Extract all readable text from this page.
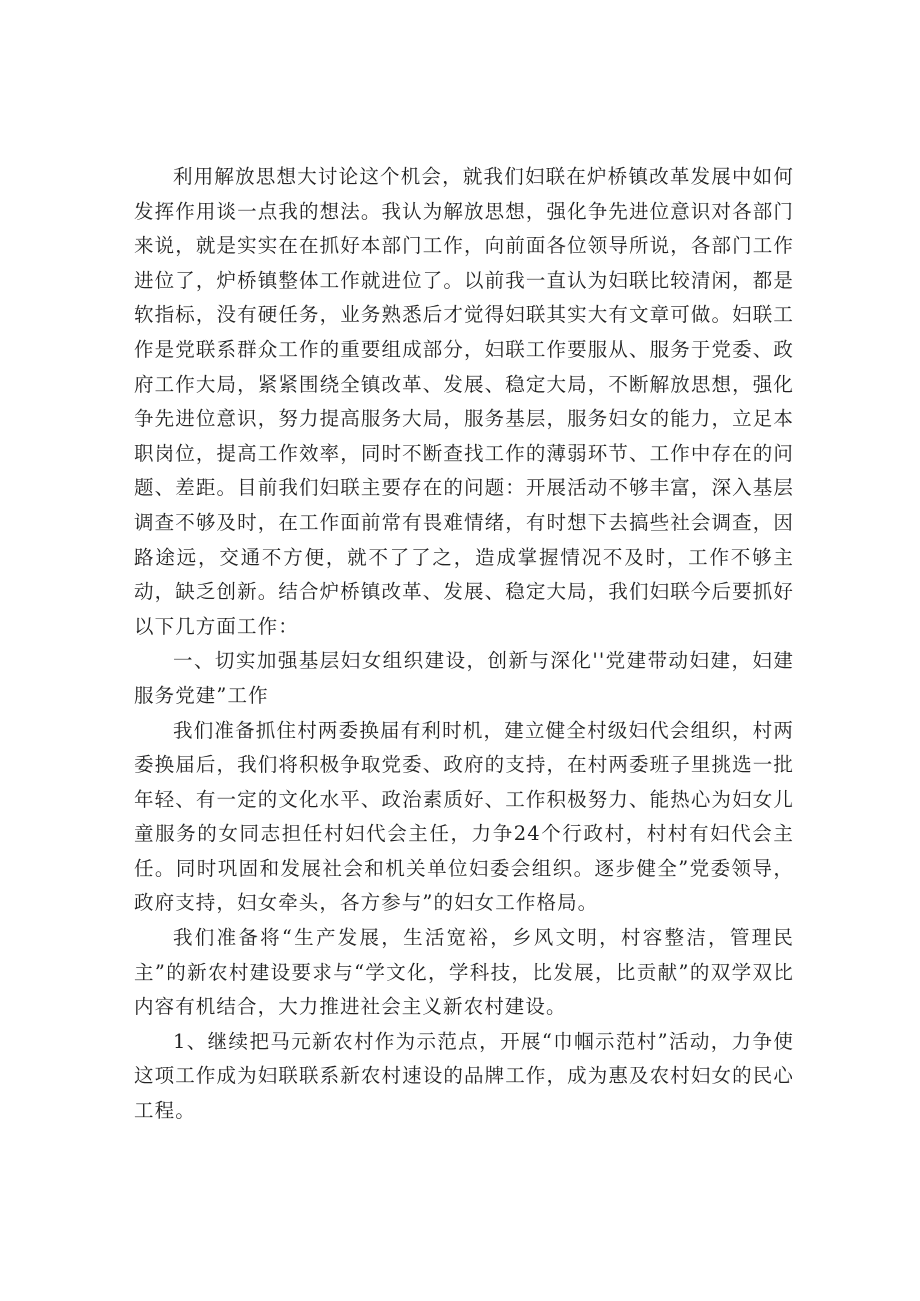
利用解放思想大讨论这个机会，就我们妇联在炉桥镇改革发展中如何发挥作用谈一点我的想法。我认为解放思想，强化争先进位意识对各部门来说，就是实实在在抓好本部门工作，向前面各位领导所说，各部门工作进位了，炉桥镇整体工作就进位了。以前我一直认为妇联比较清闲，都是软指标，没有硬任务，业务熟悉后才觉得妇联其实大有文章可做。妇联工作是党联系群众工作的重要组成部分，妇联工作要服从、服务于党委、政府工作大局，紧紧围绕全镇改革、发展、稳定大局，不断解放思想，强化争先进位意识，努力提高服务大局，服务基层，服务妇女的能力，立足本职岗位，提高工作效率，同时不断查找工作的薄弱环节、工作中存在的问题、差距。目前我们妇联主要存在的问题：开展活动不够丰富，深入基层调查不够及时，在工作面前常有畏难情绪，有时想下去搞些社会调查，因路途远，交通不方便，就不了了之，造成掌握情况不及时，工作不够主动，缺乏创新。结合炉桥镇改革、发展、稳定大局，我们妇联今后要抓好以下几方面工作：

一、切实加强基层妇女组织建设，创新与深化''党建带动妇建，妇建服务党建”工作

我们准备抓住村两委换届有利时机，建立健全村级妇代会组织，村两委换届后，我们将积极争取党委、政府的支持，在村两委班子里挑选一批年轻、有一定的文化水平、政治素质好、工作积极努力、能热心为妇女儿童服务的女同志担任村妇代会主任，力争24个行政村，村村有妇代会主任。同时巩固和发展社会和机关单位妇委会组织。逐步健全”党委领导，政府支持，妇女牵头，各方参与”的妇女工作格局。

我们准备将“生产发展，生活宽裕，乡风文明，村容整洁，管理民主”的新农村建设要求与“学文化，学科技，比发展，比贡献”的双学双比内容有机结合，大力推进社会主义新农村建设。

1、继续把马元新农村作为示范点，开展“巾帼示范村”活动，力争使这项工作成为妇联联系新农村速设的品牌工作，成为惠及农村妇女的民心工程。
